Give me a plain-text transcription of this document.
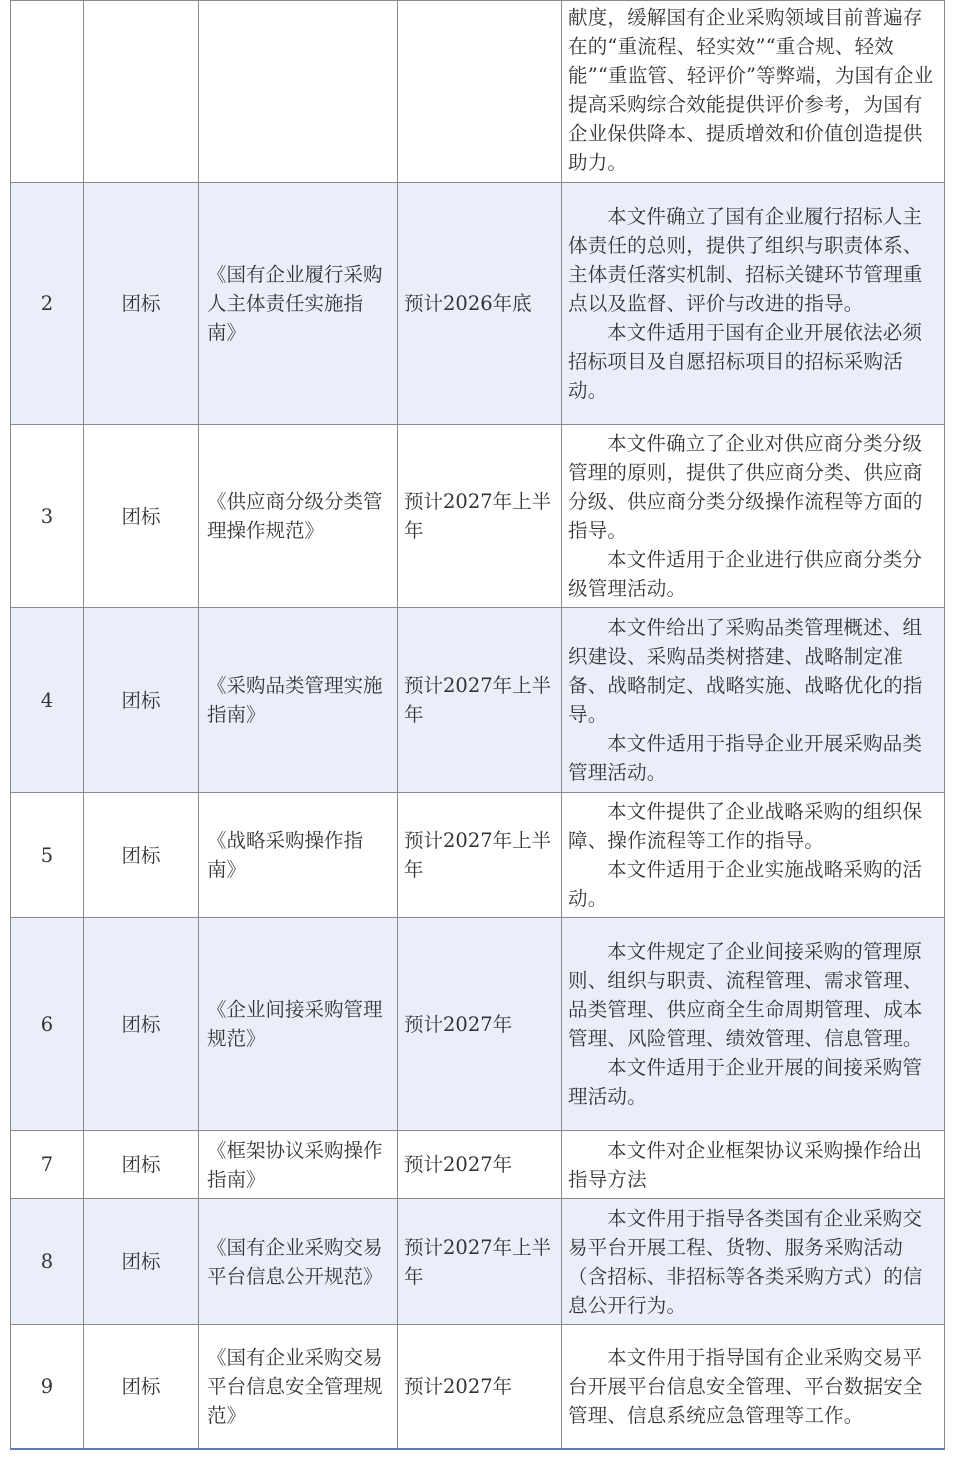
				献度，缓解国有企业采购领域目前普遍存在的“重流程、轻实效”“重合规、轻效能”“重监管、轻评价”等弊端，为国有企业提高采购综合效能提供评价参考，为国有企业保供降本、提质增效和价值创造提供助力。

2	团标	《国有企业履行采购人主体责任实施指南》	预计2026年底	本文件确立了国有企业履行招标人主体责任的总则，提供了组织与职责体系、主体责任落实机制、招标关键环节管理重点以及监督、评价与改进的指导。
本文件适用于国有企业开展依法必须招标项目及自愿招标项目的招标采购活动。

3	团标	《供应商分级分类管理操作规范》	预计2027年上半年	本文件确立了企业对供应商分类分级管理的原则，提供了供应商分类、供应商分级、供应商分类分级操作流程等方面的指导。
本文件适用于企业进行供应商分类分级管理活动。

4	团标	《采购品类管理实施指南》	预计2027年上半年	本文件给出了采购品类管理概述、组织建设、采购品类树搭建、战略制定准备、战略制定、战略实施、战略优化的指导。
本文件适用于指导企业开展采购品类管理活动。

5	团标	《战略采购操作指南》	预计2027年上半年	本文件提供了企业战略采购的组织保障、操作流程等工作的指导。
本文件适用于企业实施战略采购的活动。

6	团标	《企业间接采购管理规范》	预计2027年	本文件规定了企业间接采购的管理原则、组织与职责、流程管理、需求管理、品类管理、供应商全生命周期管理、成本管理、风险管理、绩效管理、信息管理。
本文件适用于企业开展的间接采购管理活动。

7	团标	《框架协议采购操作指南》	预计2027年	本文件对企业框架协议采购操作给出指导方法

8	团标	《国有企业采购交易平台信息公开规范》	预计2027年上半年	本文件用于指导各类国有企业采购交易平台开展工程、货物、服务采购活动（含招标、非招标等各类采购方式）的信息公开行为。

9	团标	《国有企业采购交易平台信息安全管理规范》	预计2027年	本文件用于指导国有企业采购交易平台开展平台信息安全管理、平台数据安全管理、信息系统应急管理等工作。
